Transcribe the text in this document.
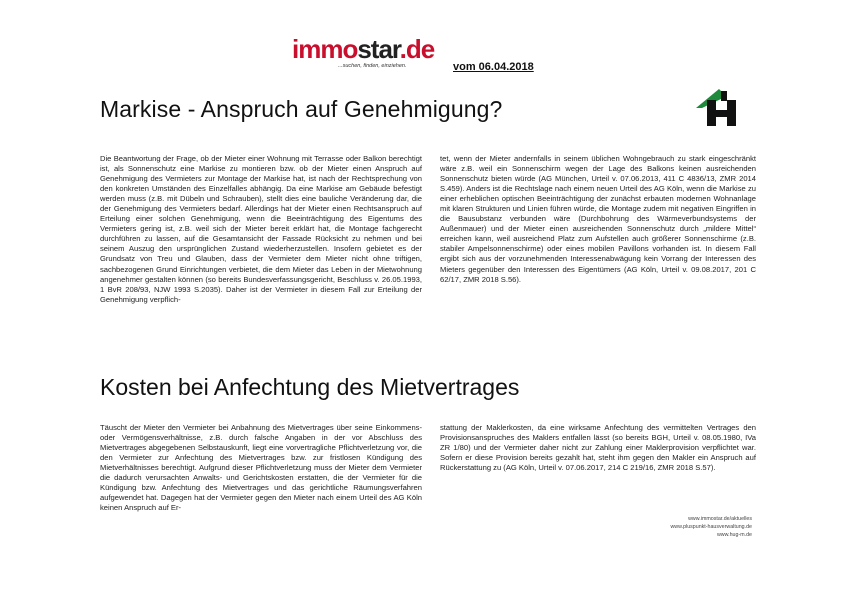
immostar.de
...suchen, finden, einziehen.	vom 06.04.2018
Markise - Anspruch auf Genehmigung?
Die Beantwortung der Frage, ob der Mieter einer Wohnung mit Terrasse oder Balkon berechtigt ist, als Sonnenschutz eine Markise zu montieren bzw. ob der Mieter einen Anspruch auf Genehmigung des Vermieters zur Montage der Markise hat, ist nach der Rechtsprechung von den konkreten Umständen des Einzelfalles abhängig. Da eine Markise am Gebäude befestigt werden muss (z.B. mit Dübeln und Schrauben), stellt dies eine bauliche Veränderung dar, die der Genehmigung des Vermieters bedarf. Allerdings hat der Mieter einen Rechtsanspruch auf Erteilung einer solchen Genehmigung, wenn die Beeinträchtigung des Eigentums des Vermieters gering ist, z.B. weil sich der Mieter bereit erklärt hat, die Montage fachgerecht durchführen zu lassen, auf die Gesamtansicht der Fassade Rücksicht zu nehmen und bei seinem Auszug den ursprünglichen Zustand wiederherzustellen. Insofern gebietet es der Grundsatz von Treu und Glauben, dass der Vermieter dem Mieter nicht ohne triftigen, sachbezogenen Grund Einrichtungen verbietet, die dem Mieter das Leben in der Mietwohnung angenehmer gestalten können (so bereits Bundesverfassungsgericht, Beschluss v. 26.05.1993, 1 BvR 208/93, NJW 1993 S.2035). Daher ist der Vermieter in diesem Fall zur Erteilung der Genehmigung verpflich-
tet, wenn der Mieter andernfalls in seinem üblichen Wohngebrauch zu stark eingeschränkt wäre z.B. weil ein Sonnenschirm wegen der Lage des Balkons keinen ausreichenden Sonnenschutz bieten würde (AG München, Urteil v. 07.06.2013, 411 C 4836/13, ZMR 2014 S.459). Anders ist die Rechtslage nach einem neuen Urteil des AG Köln, wenn die Markise zu einer erheblichen optischen Beeinträchtigung der zunächst erbauten modernen Wohnanlage mit klaren Strukturen und Linien führen würde, die Montage zudem mit negativen Eingriffen in die Bausubstanz verbunden wäre (Durchbohrung des Wärmeverbundsystems der Außenmauer) und der Mieter einen ausreichenden Sonnenschutz durch „mildere Mittel“ erreichen kann, weil ausreichend Platz zum Aufstellen auch größerer Sonnenschirme (z.B. stabiler Ampelsonnenschirme) oder eines mobilen Pavillons vorhanden ist. In diesem Fall ergibt sich aus der vorzunehmenden Interessenabwägung kein Vorrang der Interessen des Mieters gegenüber den Interessen des Eigentümers (AG Köln, Urteil v. 09.08.2017, 201 C 62/17, ZMR 2018 S.56).
Kosten bei Anfechtung des Mietvertrages
Täuscht der Mieter den Vermieter bei Anbahnung des Mietvertrages über seine Einkommens- oder Vermögensverhältnisse, z.B. durch falsche Angaben in der vor Abschluss des Mietvertrages abgegebenen Selbstauskunft, liegt eine vorvertragliche Pflichtverletzung vor, die den Vermieter zur Anfechtung des Mietvertrages bzw. zur fristlosen Kündigung des Mietverhältnisses berechtigt. Aufgrund dieser Pflichtverletzung muss der Mieter dem Vermieter die dadurch verursachten Anwalts- und Gerichtskosten erstatten, die der Vermieter für die Kündigung bzw. Anfechtung des Mietvertrages und das gerichtliche Räumungsverfahren aufgewendet hat. Dagegen hat der Vermieter gegen den Mieter nach einem Urteil des AG Köln keinen Anspruch auf Er-
stattung der Maklerkosten, da eine wirksame Anfechtung des vermittelten Vertrages den Provisionsanspruches des Maklers entfallen lässt (so bereits BGH, Urteil v. 08.05.1980, IVa ZR 1/80) und der Vermieter daher nicht zur Zahlung einer Maklerprovision verpflichtet war. Sofern er diese Provision bereits gezahlt hat, steht ihm gegen den Makler ein Anspruch auf Rückerstattung zu (AG Köln, Urteil v. 07.06.2017, 214 C 219/16, ZMR 2018 S.57).
www.immostar.de/aktuelles
www.pluspunkt-hausverwaltung.de
www.hug-m.de
